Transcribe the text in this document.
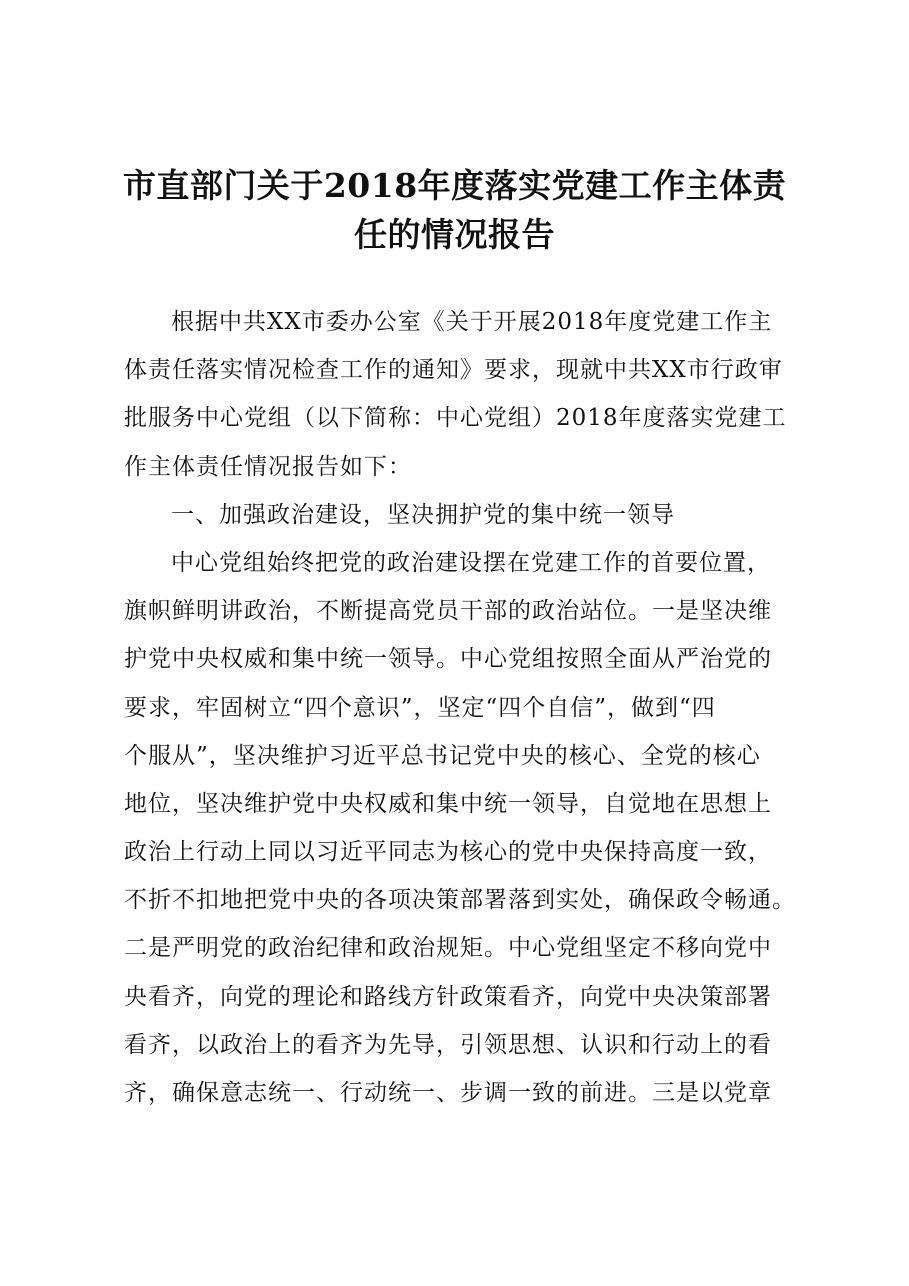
市直部门关于2018年度落实党建工作主体责
任的情况报告
根据中共XX市委办公室《关于开展2018年度党建工作主
体责任落实情况检查工作的通知》要求，现就中共XX市行政审
批服务中心党组（以下简称：中心党组）2018年度落实党建工
作主体责任情况报告如下：
一、加强政治建设，坚决拥护党的集中统一领导
中心党组始终把党的政治建设摆在党建工作的首要位置，
旗帜鲜明讲政治，不断提高党员干部的政治站位。一是坚决维
护党中央权威和集中统一领导。中心党组按照全面从严治党的
要求，牢固树立“四个意识”，坚定“四个自信”，做到“四
个服从”，坚决维护习近平总书记党中央的核心、全党的核心
地位，坚决维护党中央权威和集中统一领导，自觉地在思想上
政治上行动上同以习近平同志为核心的党中央保持高度一致，
不折不扣地把党中央的各项决策部署落到实处，确保政令畅通。
二是严明党的政治纪律和政治规矩。中心党组坚定不移向党中
央看齐，向党的理论和路线方针政策看齐，向党中央决策部署
看齐，以政治上的看齐为先导，引领思想、认识和行动上的看
齐，确保意志统一、行动统一、步调一致的前进。三是以党章
